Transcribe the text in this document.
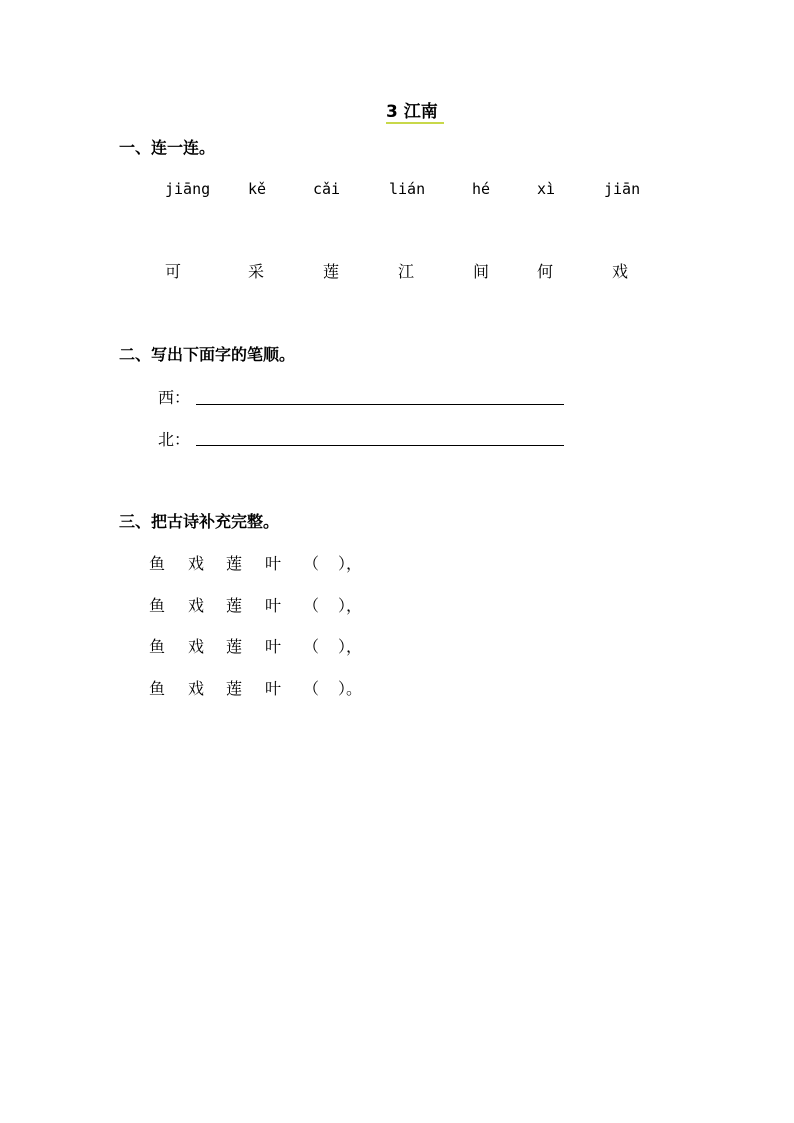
3 江南
一、连一连。
jiāng	kě	cǎi	lián	hé	xì	jiān
可	采	莲	江	间	何	戏
二、写出下面字的笔顺。
西：
北：
三、把古诗补充完整。
鱼 戏 莲 叶 （ ），
鱼 戏 莲 叶 （ ），
鱼 戏 莲 叶 （ ），
鱼 戏 莲 叶 （ ）。
